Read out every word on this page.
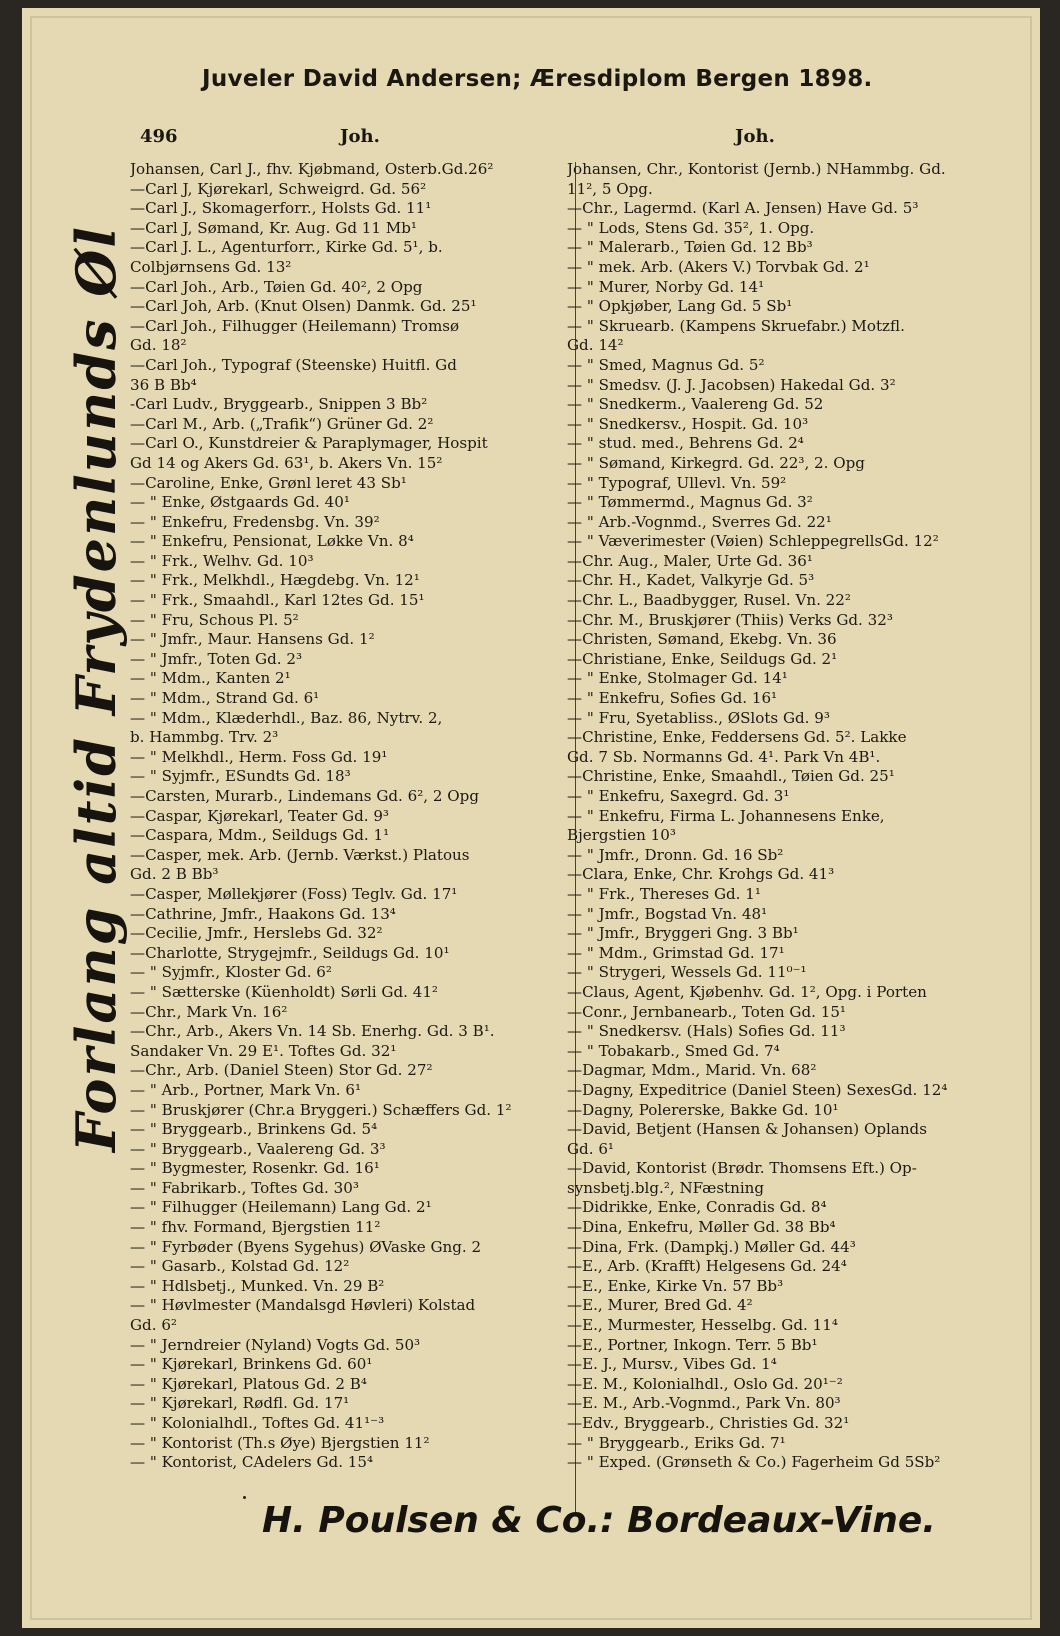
Juveler David Andersen; Æresdiplom Bergen 1898.
496	Joh.	Joh.
Forlang altid Frydenlunds Øl
Johansen, Carl J., fhv. Kjøbmand, Osterb.Gd.26²
—Carl J, Kjørekarl, Schweigrd. Gd. 56²
—Carl J., Skomagerforr., Holsts Gd. 11¹
—Carl J, Sømand, Kr. Aug. Gd 11 Mb¹
—Carl J. L., Agenturforr., Kirke Gd. 5¹, b.
Colbjørnsens Gd. 13²
—Carl Joh., Arb., Tøien Gd. 40², 2 Opg
—Carl Joh, Arb. (Knut Olsen) Danmk. Gd. 25¹
—Carl Joh., Filhugger (Heilemann) Tromsø
Gd. 18²
—Carl Joh., Typograf (Steenske) Huitfl. Gd
36 B Bb⁴
-Carl Ludv., Bryggearb., Snippen 3 Bb²
—Carl M., Arb. („Trafik“) Grüner Gd. 2²
—Carl O., Kunstdreier & Paraplymager, Hospit
Gd 14 og Akers Gd. 63¹, b. Akers Vn. 15²
—Caroline, Enke, Grønl leret 43 Sb¹
— " Enke, Østgaards Gd. 40¹
— " Enkefru, Fredensbg. Vn. 39²
— " Enkefru, Pensionat, Løkke Vn. 8⁴
— " Frk., Welhv. Gd. 10³
— " Frk., Melkhdl., Hægdebg. Vn. 12¹
— " Frk., Smaahdl., Karl 12tes Gd. 15¹
— " Fru, Schous Pl. 5²
— " Jmfr., Maur. Hansens Gd. 1²
— " Jmfr., Toten Gd. 2³
— " Mdm., Kanten 2¹
— " Mdm., Strand Gd. 6¹
— " Mdm., Klæderhdl., Baz. 86, Nytrv. 2,
b. Hammbg. Trv. 2³
— " Melkhdl., Herm. Foss Gd. 19¹
— " Syjmfr., ESundts Gd. 18³
—Carsten, Murarb., Lindemans Gd. 6², 2 Opg
—Caspar, Kjørekarl, Teater Gd. 9³
—Caspara, Mdm., Seildugs Gd. 1¹
—Casper, mek. Arb. (Jernb. Værkst.) Platous
Gd. 2 B Bb³
—Casper, Møllekjører (Foss) Teglv. Gd. 17¹
—Cathrine, Jmfr., Haakons Gd. 13⁴
—Cecilie, Jmfr., Herslebs Gd. 32²
—Charlotte, Strygejmfr., Seildugs Gd. 10¹
— " Syjmfr., Kloster Gd. 6²
— " Sætterske (Küenholdt) Sørli Gd. 41²
—Chr., Mark Vn. 16²
—Chr., Arb., Akers Vn. 14 Sb. Enerhg. Gd. 3 B¹.
Sandaker Vn. 29 E¹. Toftes Gd. 32¹
—Chr., Arb. (Daniel Steen) Stor Gd. 27²
— " Arb., Portner, Mark Vn. 6¹
— " Bruskjører (Chr.a Bryggeri.) Schæffers Gd. 1²
— " Bryggearb., Brinkens Gd. 5⁴
— " Bryggearb., Vaalereng Gd. 3³
— " Bygmester, Rosenkr. Gd. 16¹
— " Fabrikarb., Toftes Gd. 30³
— " Filhugger (Heilemann) Lang Gd. 2¹
— " fhv. Formand, Bjergstien 11²
— " Fyrbøder (Byens Sygehus) ØVaske Gng. 2
— " Gasarb., Kolstad Gd. 12²
— " Hdlsbetj., Munked. Vn. 29 B²
— " Høvlmester (Mandalsgd Høvleri) Kolstad
Gd. 6²
— " Jerndreier (Nyland) Vogts Gd. 50³
— " Kjørekarl, Brinkens Gd. 60¹
— " Kjørekarl, Platous Gd. 2 B⁴
— " Kjørekarl, Rødfl. Gd. 17¹
— " Kolonialhdl., Toftes Gd. 41¹⁻³
— " Kontorist (Th.s Øye) Bjergstien 11²
— " Kontorist, CAdelers Gd. 15⁴
Johansen, Chr., Kontorist (Jernb.) NHammbg. Gd.
11², 5 Opg.
—Chr., Lagermd. (Karl A. Jensen) Have Gd. 5³
— " Lods, Stens Gd. 35², 1. Opg.
— " Malerarb., Tøien Gd. 12 Bb³
— " mek. Arb. (Akers V.) Torvbak Gd. 2¹
— " Murer, Norby Gd. 14¹
— " Opkjøber, Lang Gd. 5 Sb¹
— " Skruearb. (Kampens Skruefabr.) Motzfl.
Gd. 14²
— " Smed, Magnus Gd. 5²
— " Smedsv. (J. J. Jacobsen) Hakedal Gd. 3²
— " Snedkerm., Vaalereng Gd. 52
— " Snedkersv., Hospit. Gd. 10³
— " stud. med., Behrens Gd. 2⁴
— " Sømand, Kirkegrd. Gd. 22³, 2. Opg
— " Typograf, Ullevl. Vn. 59²
— " Tømmermd., Magnus Gd. 3²
— " Arb.-Vognmd., Sverres Gd. 22¹
— " Væverimester (Vøien) SchleppegrellsGd. 12²
—Chr. Aug., Maler, Urte Gd. 36¹
—Chr. H., Kadet, Valkyrje Gd. 5³
—Chr. L., Baadbygger, Rusel. Vn. 22²
—Chr. M., Bruskjører (Thiis) Verks Gd. 32³
—Christen, Sømand, Ekebg. Vn. 36
—Christiane, Enke, Seildugs Gd. 2¹
— " Enke, Stolmager Gd. 14¹
— " Enkefru, Sofies Gd. 16¹
— " Fru, Syetabliss., ØSlots Gd. 9³
—Christine, Enke, Feddersens Gd. 5². Lakke
Gd. 7 Sb. Normanns Gd. 4¹. Park Vn 4B¹.
—Christine, Enke, Smaahdl., Tøien Gd. 25¹
— " Enkefru, Saxegrd. Gd. 3¹
— " Enkefru, Firma L. Johannesens Enke,
Bjergstien 10³
— " Jmfr., Dronn. Gd. 16 Sb²
—Clara, Enke, Chr. Krohgs Gd. 41³
— " Frk., Thereses Gd. 1¹
— " Jmfr., Bogstad Vn. 48¹
— " Jmfr., Bryggeri Gng. 3 Bb¹
— " Mdm., Grimstad Gd. 17¹
— " Strygeri, Wessels Gd. 11⁰⁻¹
—Claus, Agent, Kjøbenhv. Gd. 1², Opg. i Porten
—Conr., Jernbanearb., Toten Gd. 15¹
— " Snedkersv. (Hals) Sofies Gd. 11³
— " Tobakarb., Smed Gd. 7⁴
—Dagmar, Mdm., Marid. Vn. 68²
—Dagny, Expeditrice (Daniel Steen) SexesGd. 12⁴
—Dagny, Polererske, Bakke Gd. 10¹
—David, Betjent (Hansen & Johansen) Oplands
Gd. 6¹
—David, Kontorist (Brødr. Thomsens Eft.) Op-
synsbetj.blg.², NFæstning
—Didrikke, Enke, Conradis Gd. 8⁴
—Dina, Enkefru, Møller Gd. 38 Bb⁴
—Dina, Frk. (Dampkj.) Møller Gd. 44³
—E., Arb. (Krafft) Helgesens Gd. 24⁴
—E., Enke, Kirke Vn. 57 Bb³
—E., Murer, Bred Gd. 4²
—E., Murmester, Hesselbg. Gd. 11⁴
—E., Portner, Inkogn. Terr. 5 Bb¹
—E. J., Mursv., Vibes Gd. 1⁴
—E. M., Kolonialhdl., Oslo Gd. 20¹⁻²
—E. M., Arb.-Vognmd., Park Vn. 80³
—Edv., Bryggearb., Christies Gd. 32¹
— " Bryggearb., Eriks Gd. 7¹
— " Exped. (Grønseth & Co.) Fagerheim Gd 5Sb²
H. Poulsen & Co.: Bordeaux-Vine.
